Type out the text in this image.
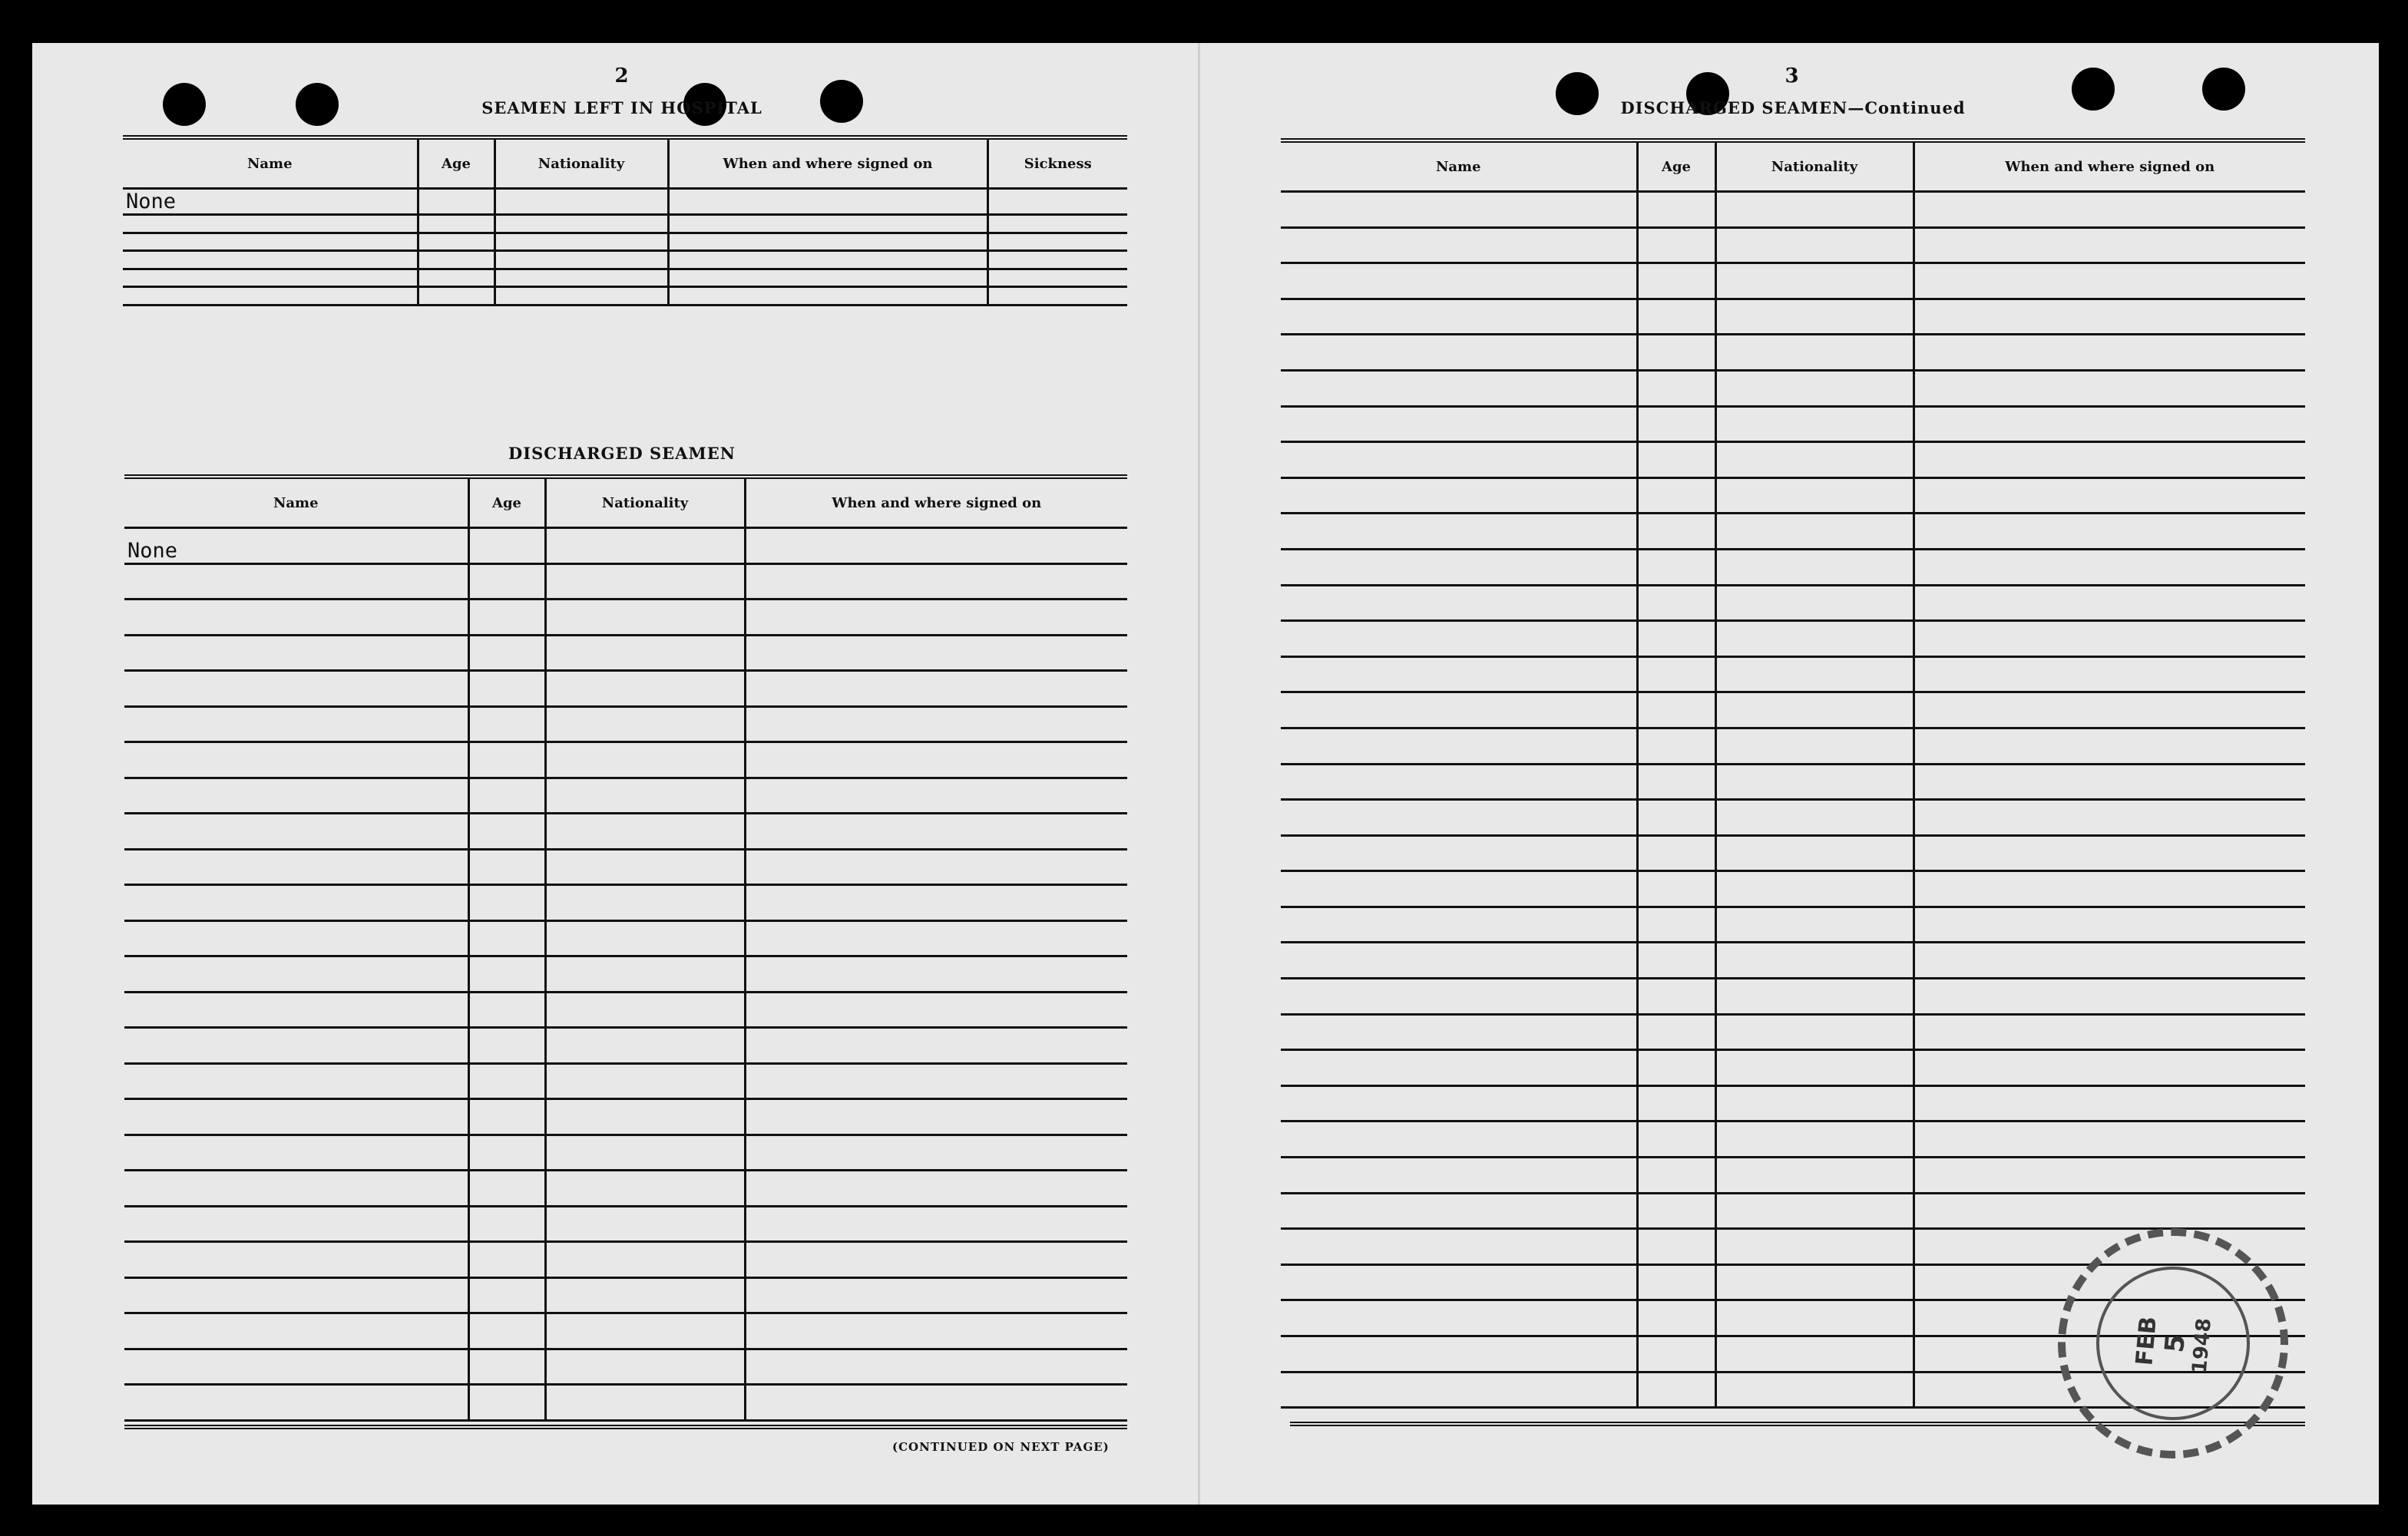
2
SEAMEN LEFT IN HOSPITAL
Name	Age	Nationality	When and where signed on	Sickness
None				

DISCHARGED SEAMEN
Name	Age	Nationality	When and where signed on
None			

(CONTINUED ON NEXT PAGE)
3
DISCHARGED SEAMEN—Continued
Name	Age	Nationality	When and where signed on

FEB
5
1948
